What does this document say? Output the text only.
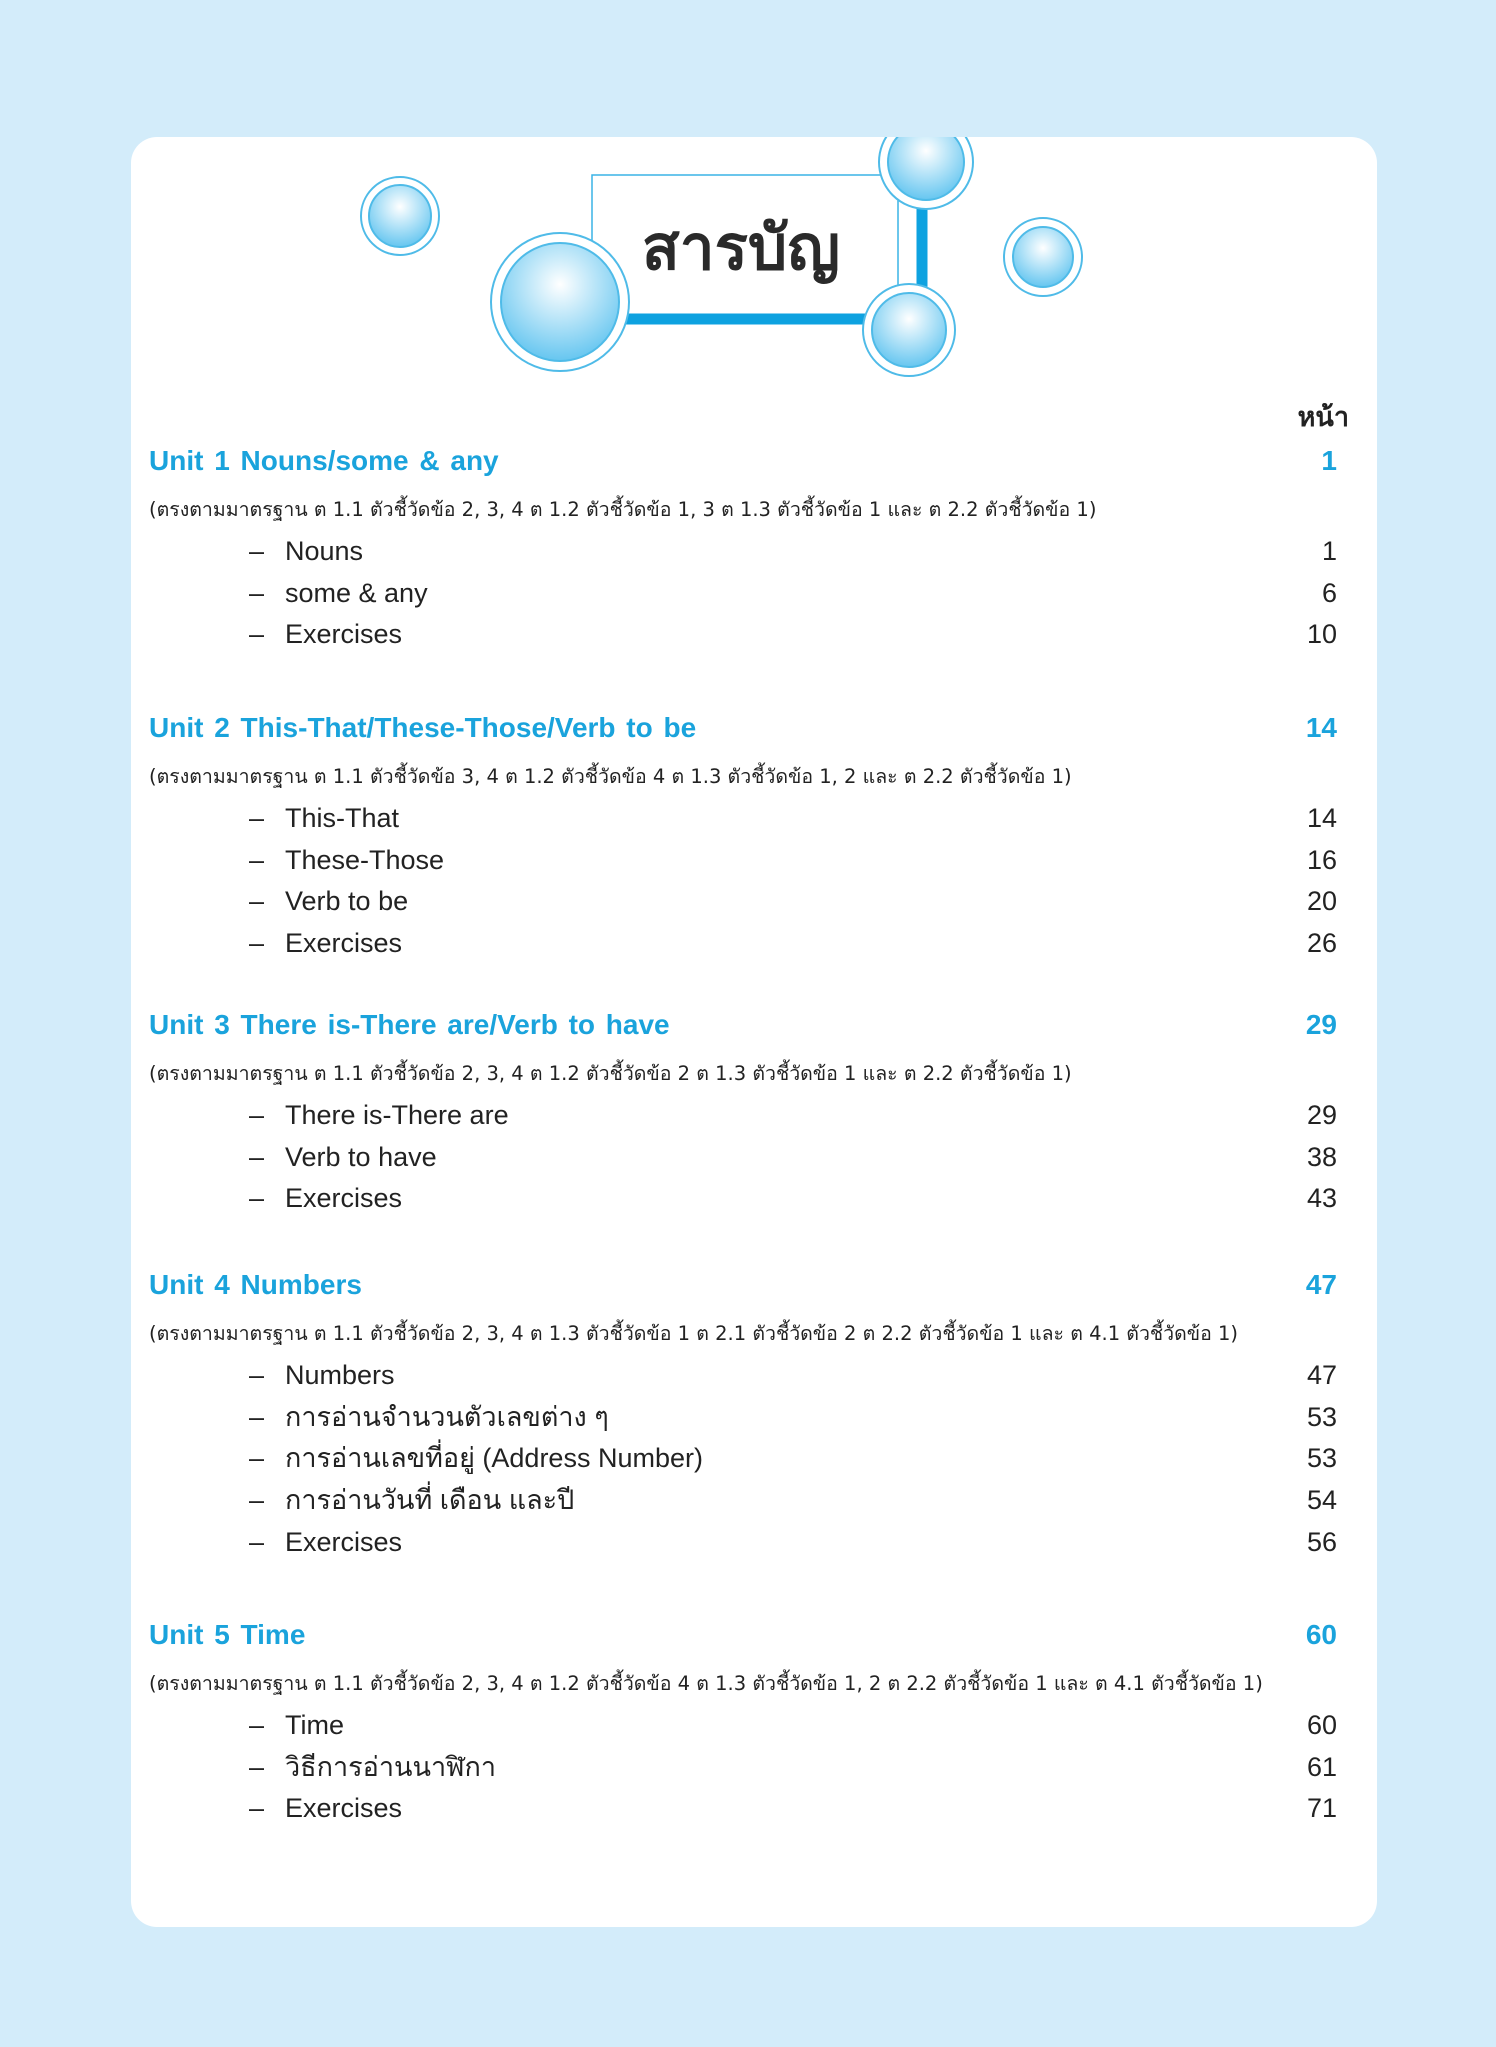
สารบัญ
หน้า
Unit 1 Nouns/some & any	1
(ตรงตามมาตรฐาน ต 1.1 ตัวชี้วัดข้อ 2, 3, 4 ต 1.2 ตัวชี้วัดข้อ 1, 3 ต 1.3 ตัวชี้วัดข้อ 1 และ ต 2.2 ตัวชี้วัดข้อ 1)
– Nouns	1
– some & any	6
– Exercises	10
Unit 2 This-That/These-Those/Verb to be	14
(ตรงตามมาตรฐาน ต 1.1 ตัวชี้วัดข้อ 3, 4 ต 1.2 ตัวชี้วัดข้อ 4 ต 1.3 ตัวชี้วัดข้อ 1, 2 และ ต 2.2 ตัวชี้วัดข้อ 1)
– This-That	14
– These-Those	16
– Verb to be	20
– Exercises	26
Unit 3 There is-There are/Verb to have	29
(ตรงตามมาตรฐาน ต 1.1 ตัวชี้วัดข้อ 2, 3, 4 ต 1.2 ตัวชี้วัดข้อ 2 ต 1.3 ตัวชี้วัดข้อ 1 และ ต 2.2 ตัวชี้วัดข้อ 1)
– There is-There are	29
– Verb to have	38
– Exercises	43
Unit 4 Numbers	47
(ตรงตามมาตรฐาน ต 1.1 ตัวชี้วัดข้อ 2, 3, 4 ต 1.3 ตัวชี้วัดข้อ 1 ต 2.1 ตัวชี้วัดข้อ 2 ต 2.2 ตัวชี้วัดข้อ 1 และ ต 4.1 ตัวชี้วัดข้อ 1)
– Numbers	47
– การอ่านจำนวนตัวเลขต่าง ๆ	53
– การอ่านเลขที่อยู่ (Address Number)	53
– การอ่านวันที่ เดือน และปี	54
– Exercises	56
Unit 5 Time	60
(ตรงตามมาตรฐาน ต 1.1 ตัวชี้วัดข้อ 2, 3, 4 ต 1.2 ตัวชี้วัดข้อ 4 ต 1.3 ตัวชี้วัดข้อ 1, 2 ต 2.2 ตัวชี้วัดข้อ 1 และ ต 4.1 ตัวชี้วัดข้อ 1)
– Time	60
– วิธีการอ่านนาฬิกา	61
– Exercises	71
